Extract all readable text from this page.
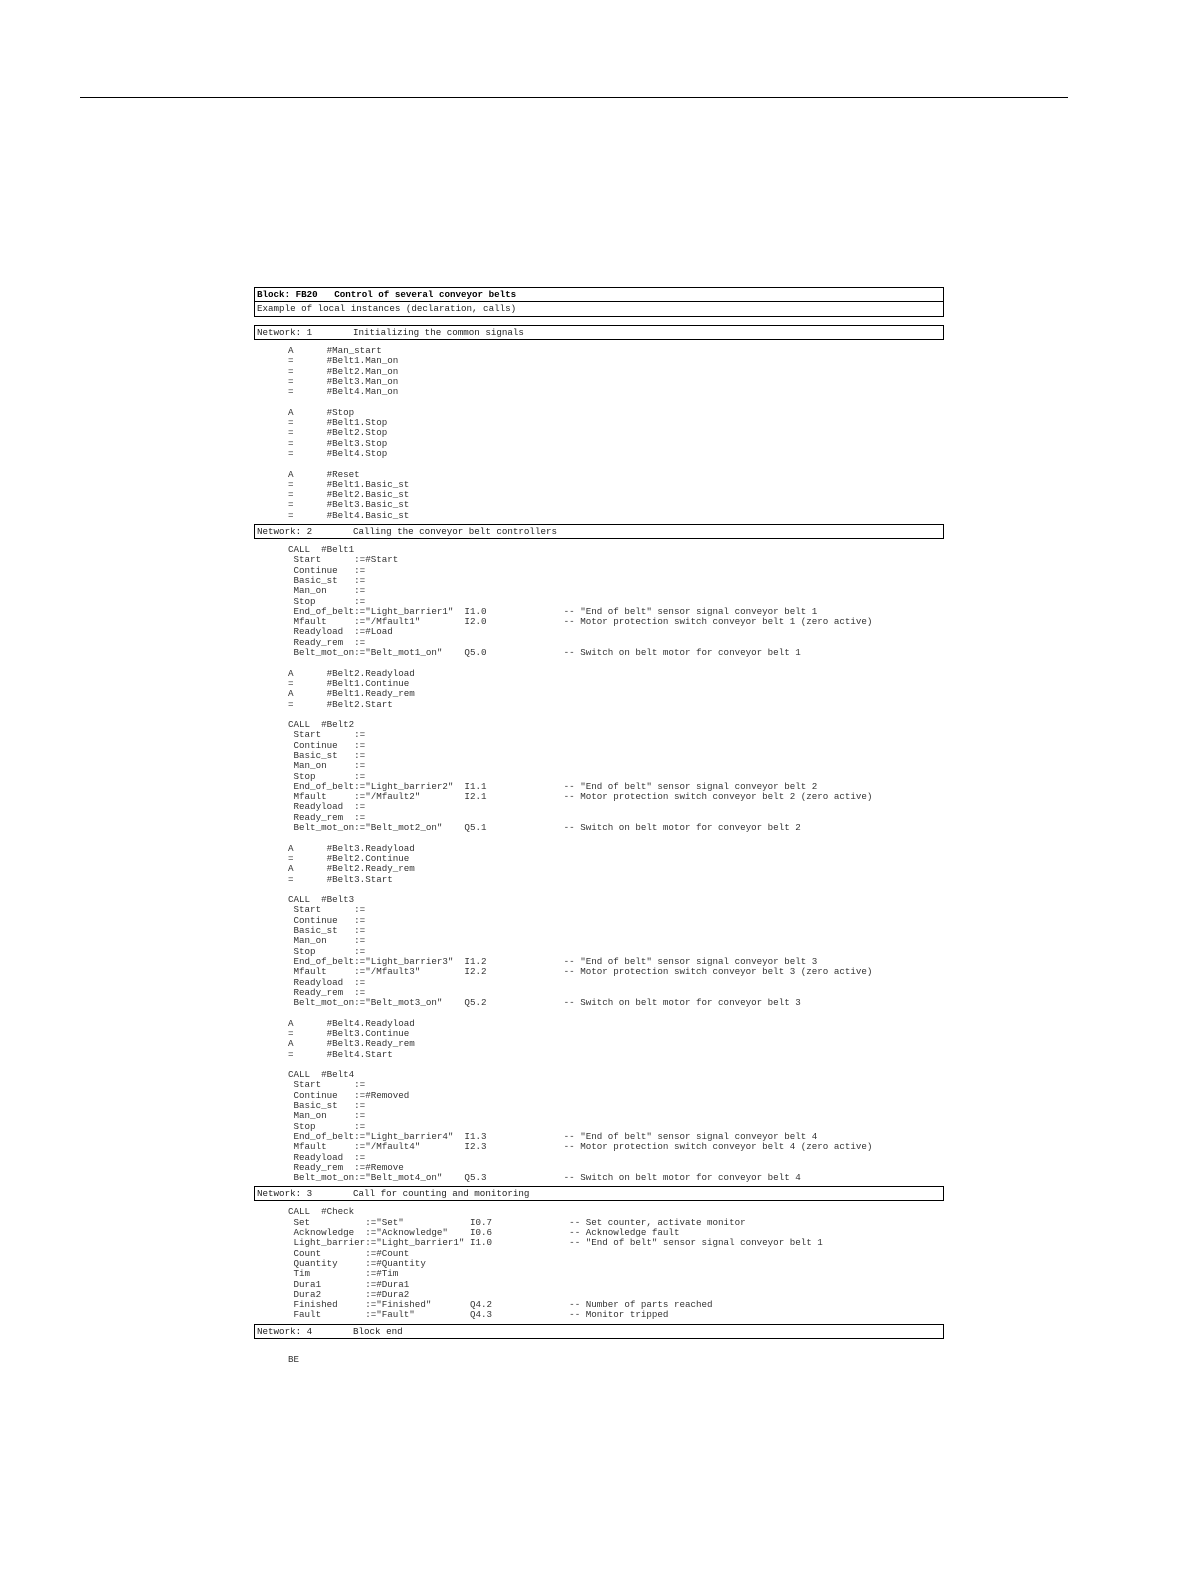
Block: FB20   Control of several conveyor belts
Example of local instances (declaration, calls)
Network: 1	Initializing the common signals
A      #Man_start
=      #Belt1.Man_on
=      #Belt2.Man_on
=      #Belt3.Man_on
=      #Belt4.Man_on
A      #Stop
=      #Belt1.Stop
=      #Belt2.Stop
=      #Belt3.Stop
=      #Belt4.Stop
A      #Reset
=      #Belt1.Basic_st
=      #Belt2.Basic_st
=      #Belt3.Basic_st
=      #Belt4.Basic_st
Network: 2	Calling the conveyor belt controllers
CALL  #Belt1
Start      :=#Start
Continue   :=
Basic_st   :=
Man_on     :=
Stop       :=
End_of_belt:="Light_barrier1"  I1.0              -- "End of belt" sensor signal conveyor belt 1
Mfault     :="/Mfault1"        I2.0              -- Motor protection switch conveyor belt 1 (zero active)
Readyload  :=#Load
Ready_rem  :=
Belt_mot_on:="Belt_mot1_on"    Q5.0              -- Switch on belt motor for conveyor belt 1
A      #Belt2.Readyload
=      #Belt1.Continue
A      #Belt1.Ready_rem
=      #Belt2.Start
CALL  #Belt2
Start      :=
Continue   :=
Basic_st   :=
Man_on     :=
Stop       :=
End_of_belt:="Light_barrier2"  I1.1              -- "End of belt" sensor signal conveyor belt 2
Mfault     :="/Mfault2"        I2.1              -- Motor protection switch conveyor belt 2 (zero active)
Readyload  :=
Ready_rem  :=
Belt_mot_on:="Belt_mot2_on"    Q5.1              -- Switch on belt motor for conveyor belt 2
A      #Belt3.Readyload
=      #Belt2.Continue
A      #Belt2.Ready_rem
=      #Belt3.Start
CALL  #Belt3
Start      :=
Continue   :=
Basic_st   :=
Man_on     :=
Stop       :=
End_of_belt:="Light_barrier3"  I1.2              -- "End of belt" sensor signal conveyor belt 3
Mfault     :="/Mfault3"        I2.2              -- Motor protection switch conveyor belt 3 (zero active)
Readyload  :=
Ready_rem  :=
Belt_mot_on:="Belt_mot3_on"    Q5.2              -- Switch on belt motor for conveyor belt 3
A      #Belt4.Readyload
=      #Belt3.Continue
A      #Belt3.Ready_rem
=      #Belt4.Start
CALL  #Belt4
Start      :=
Continue   :=#Removed
Basic_st   :=
Man_on     :=
Stop       :=
End_of_belt:="Light_barrier4"  I1.3              -- "End of belt" sensor signal conveyor belt 4
Mfault     :="/Mfault4"        I2.3              -- Motor protection switch conveyor belt 4 (zero active)
Readyload  :=
Ready_rem  :=#Remove
Belt_mot_on:="Belt_mot4_on"    Q5.3              -- Switch on belt motor for conveyor belt 4
Network: 3	Call for counting and monitoring
CALL  #Check
Set          :="Set"            I0.7              -- Set counter, activate monitor
Acknowledge  :="Acknowledge"    I0.6              -- Acknowledge fault
Light_barrier:="Light_barrier1" I1.0              -- "End of belt" sensor signal conveyor belt 1
Count        :=#Count
Quantity     :=#Quantity
Tim          :=#Tim
Dura1        :=#Dura1
Dura2        :=#Dura2
Finished     :="Finished"       Q4.2              -- Number of parts reached
Fault        :="Fault"          Q4.3              -- Monitor tripped
Network: 4	Block end
BE
